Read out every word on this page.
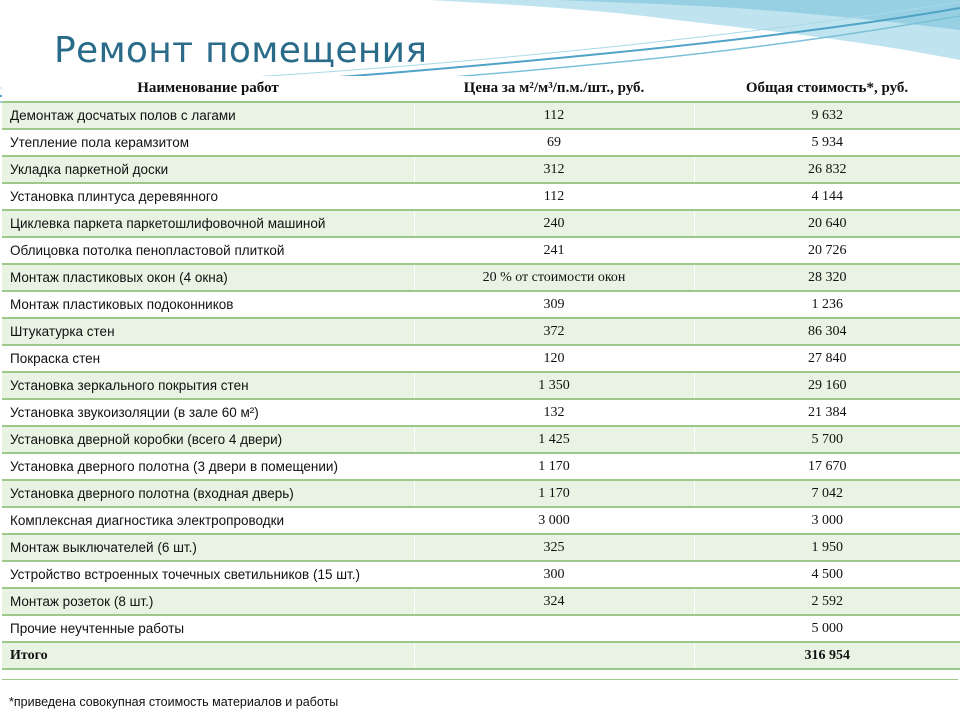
Ремонт помещения
Наименование работ	Цена за м²/м³/п.м./шт., руб.	Общая стоимость*, руб.
Демонтаж досчатых полов с лагами	112	9 632
Утепление пола керамзитом	69	5 934
Укладка паркетной доски	312	26 832
Установка плинтуса деревянного	112	4 144
Циклевка паркета паркетошлифовочной машиной	240	20 640
Облицовка потолка пенопластовой плиткой	241	20 726
Монтаж пластиковых окон (4 окна)	20 % от стоимости окон	28 320
Монтаж пластиковых подоконников	309	1 236
Штукатурка стен	372	86 304
Покраска стен	120	27 840
Установка зеркального покрытия стен	1 350	29 160
Установка звукоизоляции (в зале 60 м²)	132	21 384
Установка дверной коробки (всего 4 двери)	1 425	5 700
Установка дверного полотна (3 двери в помещении)	1 170	17 670
Установка дверного полотна (входная дверь)	1 170	7 042
Комплексная диагностика электропроводки	3 000	3 000
Монтаж выключателей (6 шт.)	325	1 950
Устройство встроенных точечных светильников (15 шт.)	300	4 500
Монтаж розеток (8 шт.)	324	2 592
Прочие неучтенные работы		5 000
Итого		316 954
*приведена совокупная стоимость материалов и работы
